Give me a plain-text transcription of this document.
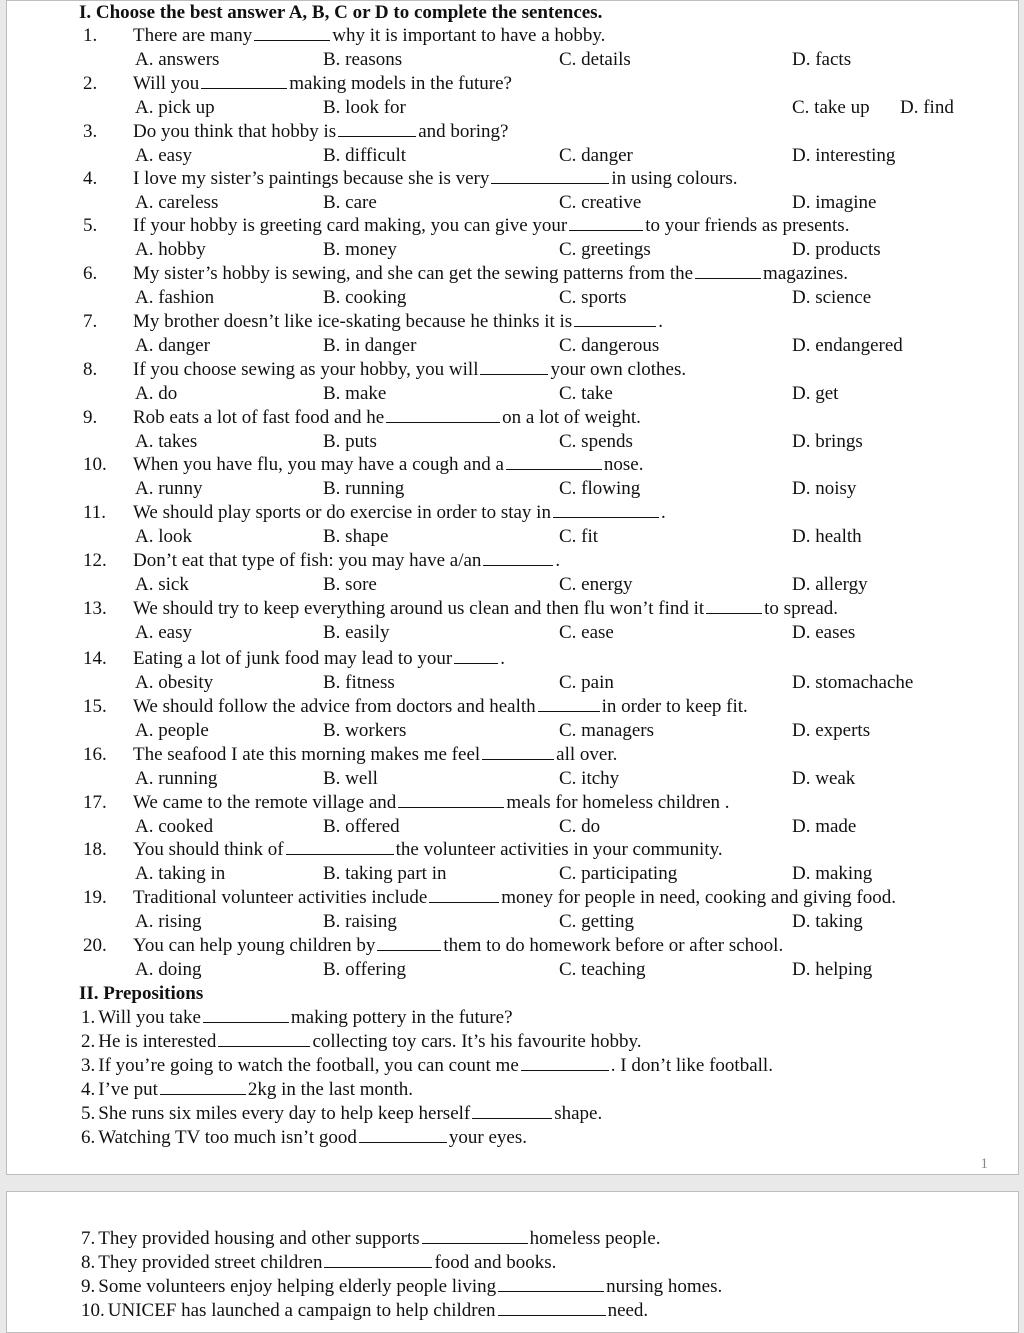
I. Choose the best answer A, B, C or D to complete the sentences.
1. There are many	why it is important to have a hobby.
A. answers	B. reasons	C. details	D. facts
2. Will you	making models in the future?
A. pick up	B. look for	C. take up D. find
3. Do you think that hobby is	and boring?
A. easy	B. difficult	C. danger	D. interesting
4. I love my sister’s paintings because she is very	in using colours.
A. careless	B. care	C. creative	D. imagine
5. If your hobby is greeting card making, you can give your	to your friends as presents.
A. hobby	B. money	C. greetings	D. products
6. My sister’s hobby is sewing, and she can get the sewing patterns from the	magazines.
A. fashion	B. cooking	C. sports	D. science
7. My brother doesn’t like ice-skating because he thinks it is	.
A. danger	B. in danger	C. dangerous	D. endangered
8. If you choose sewing as your hobby, you will	your own clothes.
A. do	B. make	C. take	D. get
9. Rob eats a lot of fast food and he	on a lot of weight.
A. takes	B. puts	C. spends	D. brings
10. When you have flu, you may have a cough and a	nose.
A. runny	B. running	C. flowing	D. noisy
11. We should play sports or do exercise in order to stay in	.
A. look	B. shape	C. fit	D. health
12. Don’t eat that type of fish: you may have a/an	.
A. sick	B. sore	C. energy	D. allergy
13. We should try to keep everything around us clean and then flu won’t find it	to spread.
A. easy	B. easily	C. ease	D. eases
14. Eating a lot of junk food may lead to your	.
A. obesity	B. fitness	C. pain	D. stomachache
15. We should follow the advice from doctors and health	in order to keep fit.
A. people	B. workers	C. managers	D. experts
16. The seafood I ate this morning makes me feel	all over.
A. running	B. well	C. itchy	D. weak
17. We came to the remote village and	meals for homeless children .
A. cooked	B. offered	C. do	D. made
18. You should think of	the volunteer activities in your community.
A. taking in	B. taking part in	C. participating	D. making
19. Traditional volunteer activities include	money for people in need, cooking and giving food.
A. rising	B. raising	C. getting	D. taking
20. You can help young children by	them to do homework before or after school.
A. doing	B. offering	C. teaching	D. helping
II. Prepositions
1. Will you take	making pottery in the future?
2. He is interested	collecting toy cars. It’s his favourite hobby.
3. If you’re going to watch the football, you can count me	. I don’t like football.
4. I’ve put	2kg in the last month.
5. She runs six miles every day to help keep herself	shape.
6. Watching TV too much isn’t good	your eyes.
1
7. They provided housing and other supports	homeless people.
8. They provided street children	food and books.
9. Some volunteers enjoy helping elderly people living	nursing homes.
10. UNICEF has launched a campaign to help children	need.
